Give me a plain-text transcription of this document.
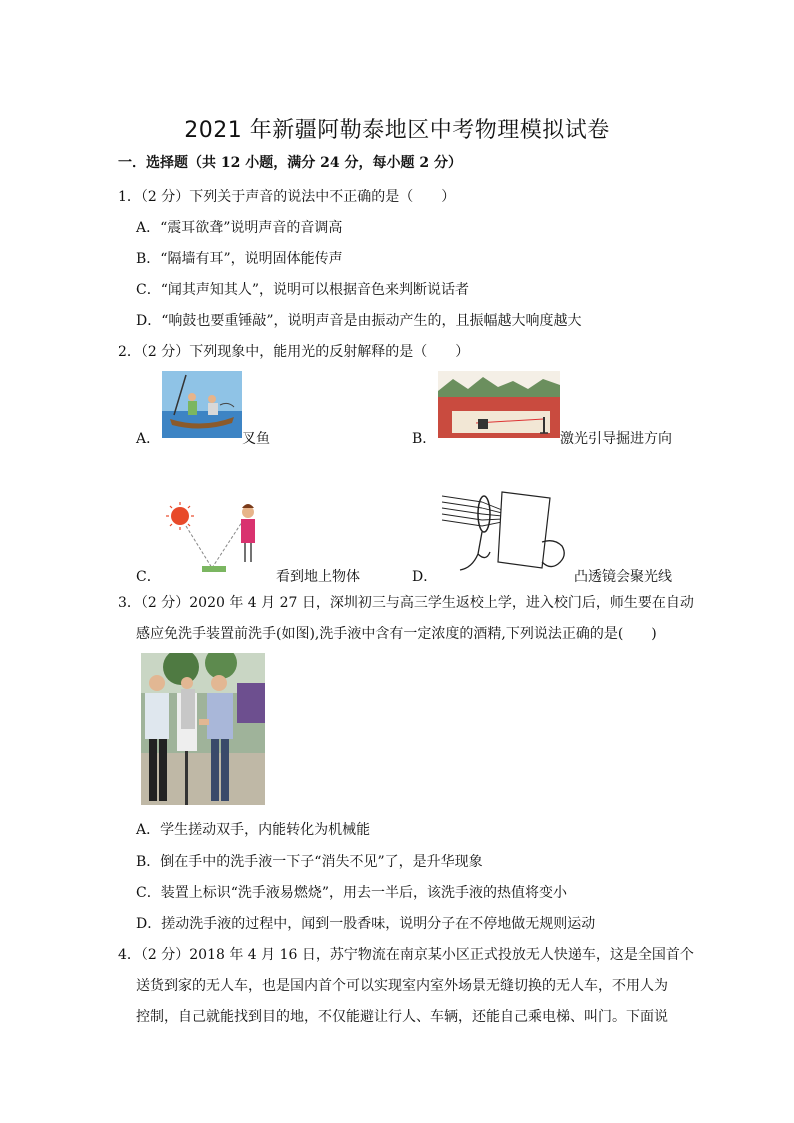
2021 年新疆阿勒泰地区中考物理模拟试卷
一．选择题（共 12 小题，满分 24 分，每小题 2 分）
1．（2 分）下列关于声音的说法中不正确的是（　　）
A．“震耳欲聋”说明声音的音调高
B．“隔墙有耳”，说明固体能传声
C．“闻其声知其人”，说明可以根据音色来判断说话者
D．“响鼓也要重锤敲”，说明声音是由振动产生的，且振幅越大响度越大
2．（2 分）下列现象中，能用光的反射解释的是（　　）
A．	叉鱼	B．	激光引导掘进方向
C．	看到地上物体	D．	凸透镜会聚光线
3．（2 分）2020 年 4 月 27 日，深圳初三与高三学生返校上学，进入校门后，师生要在自动
感应免洗手装置前洗手(如图),洗手液中含有一定浓度的酒精,下列说法正确的是(　　)
A．学生搓动双手，内能转化为机械能
B．倒在手中的洗手液一下子“消失不见”了，是升华现象
C．装置上标识“洗手液易燃烧”，用去一半后，该洗手液的热值将变小
D．搓动洗手液的过程中，闻到一股香味，说明分子在不停地做无规则运动
4．（2 分）2018 年 4 月 16 日，苏宁物流在南京某小区正式投放无人快递车，这是全国首个
送货到家的无人车，也是国内首个可以实现室内室外场景无缝切换的无人车，不用人为
控制，自己就能找到目的地，不仅能避让行人、车辆，还能自己乘电梯、叫门。下面说
